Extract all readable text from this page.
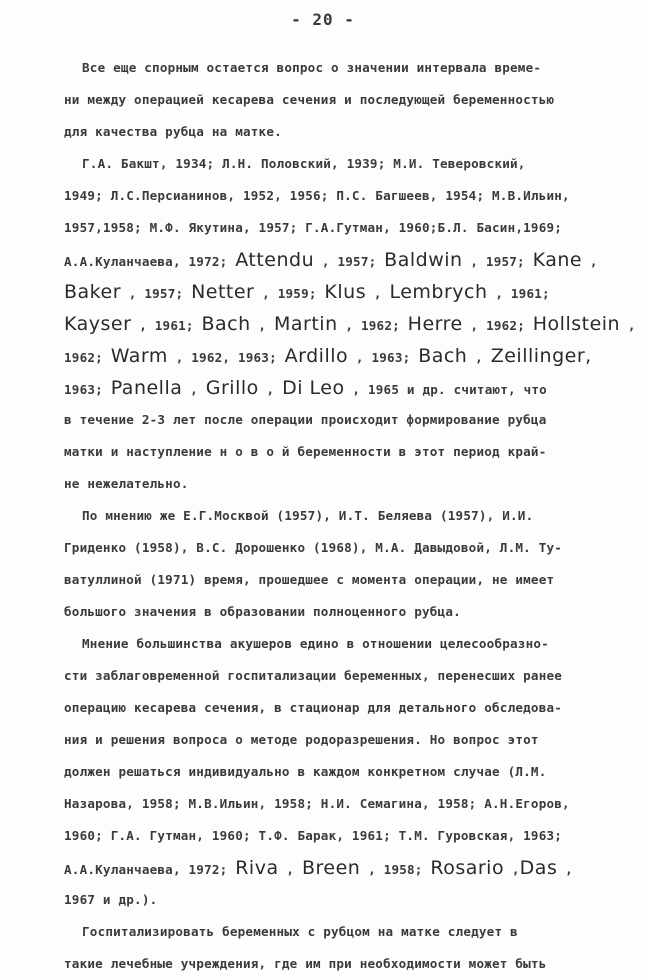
- 20 -
Все еще спорным остается вопрос о значении интервала време-
ни между операцией кесарева сечения и последующей беременностью
для качества рубца на матке.
Г.А. Бакшт, 1934; Л.Н. Половский, 1939; М.И. Теверовский,
1949; Л.С.Персианинов, 1952, 1956; П.С. Багшеев, 1954; М.В.Ильин,
1957,1958; М.Ф. Якутина, 1957; Г.А.Гутман, 1960;Б.Л. Басин,1969;
А.А.Куланчаева, 1972; Attendu , 1957; Baldwin , 1957; Kane ,
Baker , 1957; Netter , 1959; Klus , Lembrych , 1961;
Kayser , 1961; Bach , Martin , 1962; Herre , 1962; Hollstein ,
1962; Warm , 1962, 1963; Ardillo , 1963; Bach , Zeillinger,
1963; Panella , Grillo , Di Leo , 1965 и др. считают, что
в течение 2-3 лет после операции происходит формирование рубца
матки и наступление н о в о й беременности в этот период край-
не нежелательно.
По мнению же Е.Г.Москвой (1957), И.Т. Беляева (1957), И.И.
Гриденко (1958), В.С. Дорошенко (1968), М.А. Давыдовой, Л.М. Ту-
ватуллиной (1971) время, прошедшее с момента операции, не имеет
большого значения в образовании полноценного рубца.
Мнение большинства акушеров едино в отношении целесообразно-
сти заблаговременной госпитализации беременных, перенесших ранее
операцию кесарева сечения, в стационар для детального обследова-
ния и решения вопроса о методе родоразрешения. Но вопрос этот
должен решаться индивидуально в каждом конкретном случае (Л.М.
Назарова, 1958; М.В.Ильин, 1958; Н.И. Семагина, 1958; А.Н.Егоров,
1960; Г.А. Гутман, 1960; Т.Ф. Барак, 1961; Т.М. Гуровская, 1963;
А.А.Куланчаева, 1972; Riva , Breen , 1958; Rosario ,Das ,
1967 и др.).
Госпитализировать беременных с рубцом на матке следует в
такие лечебные учреждения, где им при необходимости может быть
